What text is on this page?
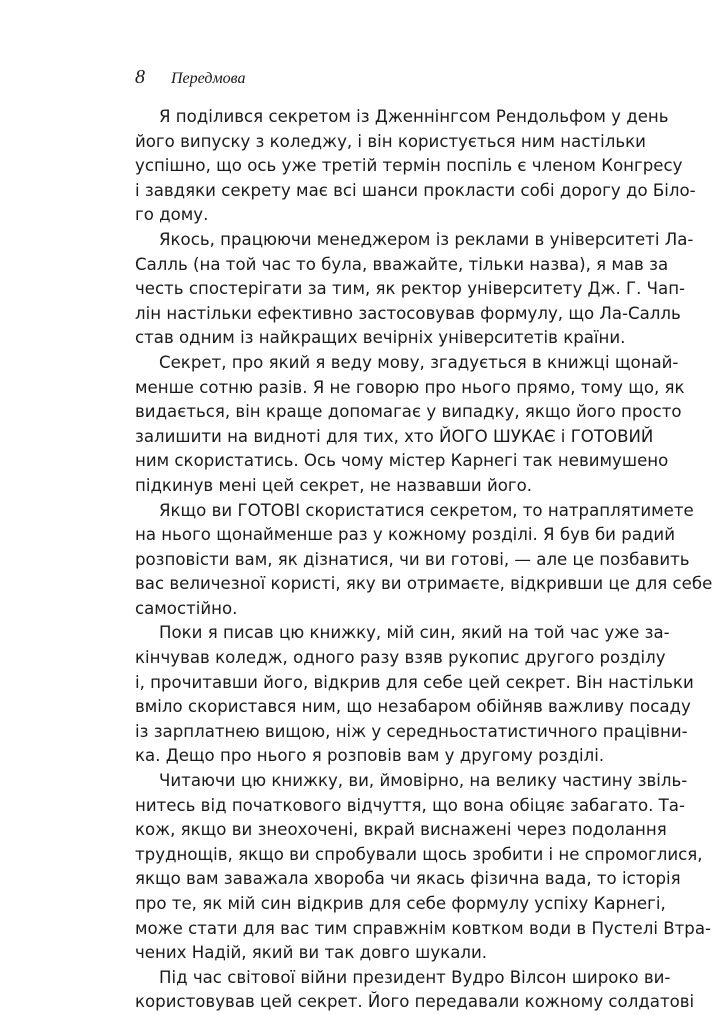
8 Передмова
Я поділився секретом із Дженнінгсом Рендольфом у день
його випуску з коледжу, і він користується ним настільки
успішно, що ось уже третій термін поспіль є членом Конгресу
і завдяки секрету має всі шанси прокласти собі дорогу до Біло-
го дому.
Якось, працюючи менеджером із реклами в університеті Ла-
Салль (на той час то була, вважайте, тільки назва), я мав за
честь спостерігати за тим, як ректор університету Дж. Г. Чап-
лін настільки ефективно застосовував формулу, що Ла-Салль
став одним із найкращих вечірніх університетів країни.
Секрет, про який я веду мову, згадується в книжці щонай-
менше сотню разів. Я не говорю про нього прямо, тому що, як
видається, він краще допомагає у випадку, якщо його просто
залишити на видноті для тих, хто ЙОГО ШУКАЄ і ГОТОВИЙ
ним скористатись. Ось чому містер Карнегі так невимушено
підкинув мені цей секрет, не назвавши його.
Якщо ви ГОТОВІ скористатися секретом, то натраплятимете
на нього щонайменше раз у кожному розділі. Я був би радий
розповісти вам, як дізнатися, чи ви готові, — але це позбавить
вас величезної користі, яку ви отримаєте, відкривши це для себе
самостійно.
Поки я писав цю книжку, мій син, який на той час уже за-
кінчував коледж, одного разу взяв рукопис другого розділу
і, прочитавши його, відкрив для себе цей секрет. Він настільки
вміло скористався ним, що незабаром обійняв важливу посаду
із зарплатнею вищою, ніж у середньостатистичного працівни-
ка. Дещо про нього я розповів вам у другому розділі.
Читаючи цю книжку, ви, ймовірно, на велику частину звіль-
нитесь від початкового відчуття, що вона обіцяє забагато. Та-
кож, якщо ви знеохочені, вкрай виснажені через подолання
труднощів, якщо ви спробували щось зробити і не спромоглися,
якщо вам заважала хвороба чи якась фізична вада, то історія
про те, як мій син відкрив для себе формулу успіху Карнегі,
може стати для вас тим справжнім ковтком води в Пустелі Втра-
чених Надій, який ви так довго шукали.
Під час світової війни президент Вудро Вілсон широко ви-
користовував цей секрет. Його передавали кожному солдатові
